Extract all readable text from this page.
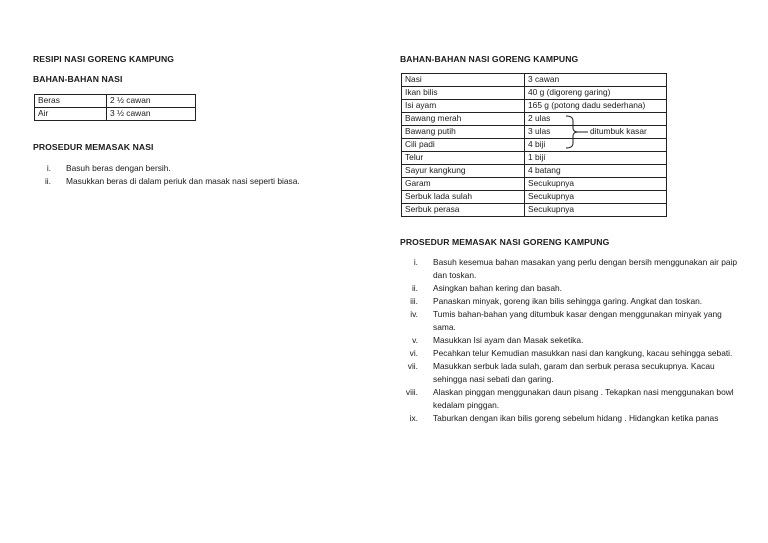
RESIPI NASI GORENG KAMPUNG
BAHAN-BAHAN NASI
Beras	2 ½ cawan
Air	3 ½ cawan
PROSEDUR MEMASAK NASI
i.	Basuh beras dengan bersih.
ii.	Masukkan beras di dalam periuk dan masak nasi seperti biasa.
BAHAN-BAHAN NASI GORENG KAMPUNG
Nasi	3 cawan
Ikan bilis	40 g (digoreng garing)
Isi ayam	165 g (potong dadu sederhana)
Bawang merah	2 ulas
Bawang putih	3 ulas
Cili padi	4 biji
Telur	1 biji
Sayur kangkung	4 batang
Garam	Secukupnya
Serbuk lada sulah	Secukupnya
Serbuk perasa	Secukupnya
ditumbuk kasar
PROSEDUR MEMASAK NASI GORENG KAMPUNG
i.	Basuh kesemua bahan masakan yang perlu dengan bersih menggunakan air paip dan toskan.
ii.	Asingkan bahan kering dan basah.
iii.	Panaskan minyak, goreng ikan bilis sehingga garing. Angkat dan toskan.
iv.	Tumis bahan-bahan yang ditumbuk kasar dengan menggunakan minyak yang sama.
v.	Masukkan Isi ayam dan Masak seketika.
vi.	Pecahkan telur Kemudian masukkan nasi dan kangkung, kacau sehingga sebati.
vii.	Masukkan serbuk lada sulah, garam dan serbuk perasa secukupnya. Kacau sehingga nasi sebati dan garing.
viii.	Alaskan pinggan menggunakan daun pisang . Tekapkan nasi menggunakan bowl kedalam pinggan.
ix.	Taburkan dengan ikan bilis goreng sebelum hidang . Hidangkan ketika panas
